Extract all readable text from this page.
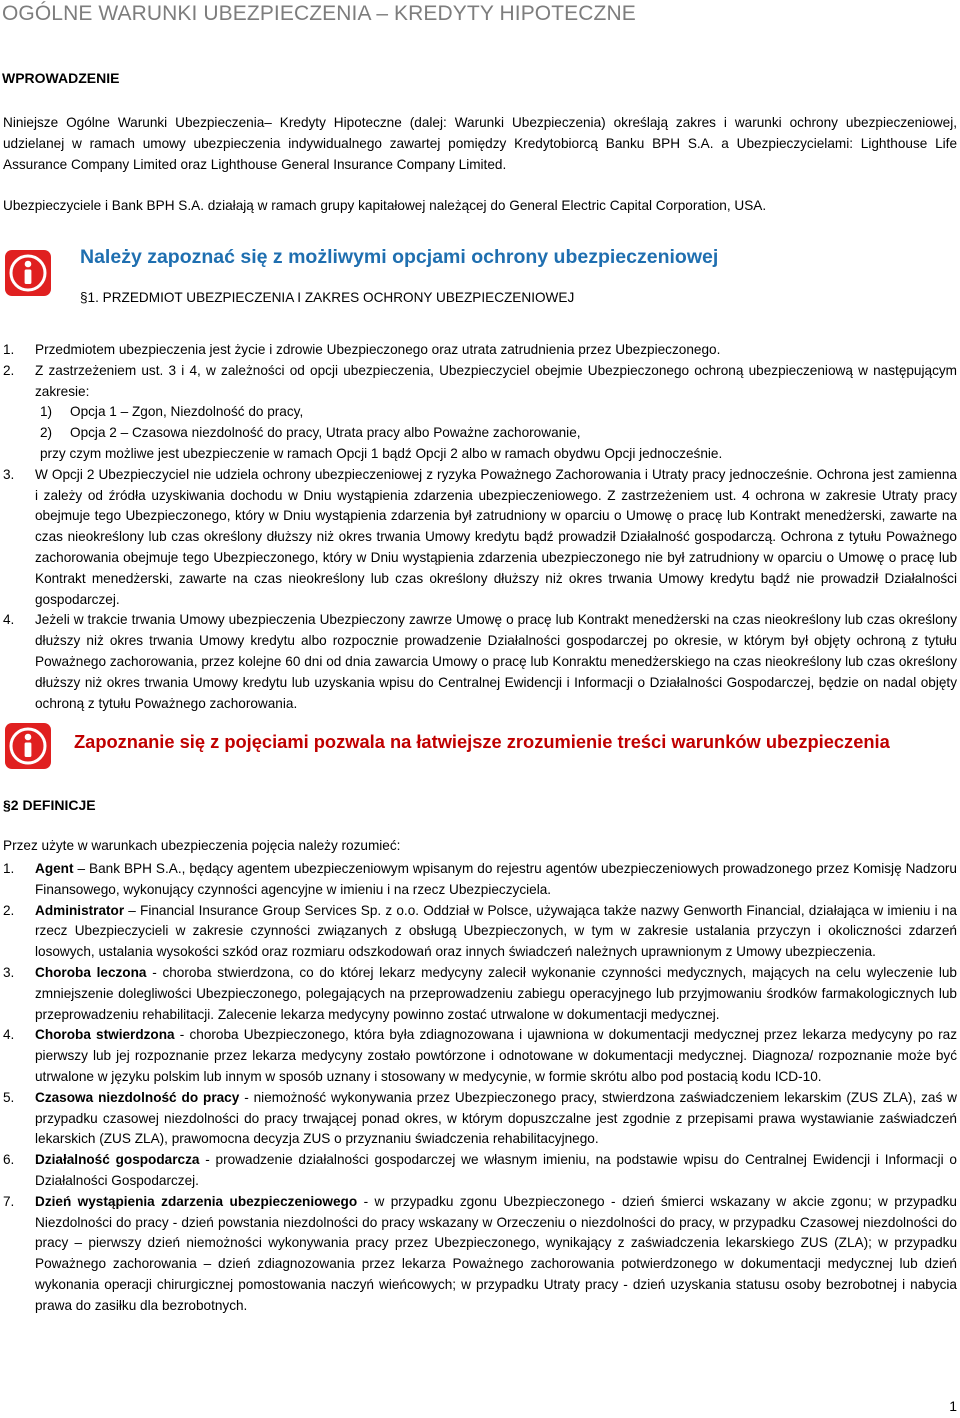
OGÓLNE WARUNKI UBEZPIECZENIA – KREDYTY HIPOTECZNE
WPROWADZENIE
Niniejsze Ogólne Warunki Ubezpieczenia– Kredyty Hipoteczne (dalej: Warunki Ubezpieczenia) określają zakres i warunki ochrony ubezpieczeniowej, udzielanej w ramach umowy ubezpieczenia indywidualnego zawartej pomiędzy Kredytobiorcą Banku BPH S.A. a Ubezpieczycielami: Lighthouse Life Assurance Company Limited oraz Lighthouse General Insurance Company Limited.
Ubezpieczyciele i Bank BPH S.A. działają w ramach grupy kapitałowej należącej do General Electric Capital Corporation, USA.
Należy zapoznać się z możliwymi opcjami ochrony ubezpieczeniowej
§1. PRZEDMIOT UBEZPIECZENIA I ZAKRES OCHRONY UBEZPIECZENIOWEJ
1. Przedmiotem ubezpieczenia jest życie i zdrowie Ubezpieczonego oraz utrata zatrudnienia przez Ubezpieczonego.
2. Z zastrzeżeniem ust. 3 i 4, w zależności od opcji ubezpieczenia, Ubezpieczyciel obejmie Ubezpieczonego ochroną ubezpieczeniową w następującym zakresie:
1) Opcja 1 – Zgon, Niezdolność do pracy,
2) Opcja 2 – Czasowa niezdolność do pracy, Utrata pracy albo Poważne zachorowanie,
przy czym możliwe jest ubezpieczenie w ramach Opcji 1 bądź Opcji 2 albo w ramach obydwu Opcji jednocześnie.
3. W Opcji 2 Ubezpieczyciel nie udziela ochrony ubezpieczeniowej z ryzyka Poważnego Zachorowania i Utraty pracy jednocześnie. Ochrona jest zamienna i zależy od źródła uzyskiwania dochodu w Dniu wystąpienia zdarzenia ubezpieczeniowego. Z zastrzeżeniem ust. 4 ochrona w zakresie Utraty pracy obejmuje tego Ubezpieczonego, który w Dniu wystąpienia zdarzenia był zatrudniony w oparciu o Umowę o pracę lub Kontrakt menedżerski, zawarte na czas nieokreślony lub czas określony dłuższy niż okres trwania Umowy kredytu bądź prowadził Działalność gospodarczą. Ochrona z tytułu Poważnego zachorowania obejmuje tego Ubezpieczonego, który w Dniu wystąpienia zdarzenia ubezpieczonego nie był zatrudniony w oparciu o Umowę o pracę lub Kontrakt menedżerski, zawarte na czas nieokreślony lub czas określony dłuższy niż okres trwania Umowy kredytu bądź nie prowadził Działalności gospodarczej.
4. Jeżeli w trakcie trwania Umowy ubezpieczenia Ubezpieczony zawrze Umowę o pracę lub Kontrakt menedżerski na czas nieokreślony lub czas określony dłuższy niż okres trwania Umowy kredytu albo rozpocznie prowadzenie Działalności gospodarczej po okresie, w którym był objęty ochroną z tytułu Poważnego zachorowania, przez kolejne 60 dni od dnia zawarcia Umowy o pracę lub Konraktu menedżerskiego na czas nieokreślony lub czas określony dłuższy niż okres trwania Umowy kredytu lub uzyskania wpisu do Centralnej Ewidencji i Informacji o Działalności Gospodarczej, będzie on nadal objęty ochroną z tytułu Poważnego zachorowania.
Zapoznanie się z pojęciami pozwala na łatwiejsze zrozumienie treści warunków ubezpieczenia
§2 DEFINICJE
Przez użyte w warunkach ubezpieczenia pojęcia należy rozumieć:
1. Agent – Bank BPH S.A., będący agentem ubezpieczeniowym wpisanym do rejestru agentów ubezpieczeniowych prowadzonego przez Komisję Nadzoru Finansowego, wykonujący czynności agencyjne w imieniu i na rzecz Ubezpieczyciela.
2. Administrator – Financial Insurance Group Services Sp. z o.o. Oddział w Polsce, używająca także nazwy Genworth Financial, działająca w imieniu i na rzecz Ubezpieczycieli w zakresie czynności związanych z obsługą Ubezpieczonych, w tym w zakresie ustalania przyczyn i okoliczności zdarzeń losowych, ustalania wysokości szkód oraz rozmiaru odszkodowań oraz innych świadczeń należnych uprawnionym z Umowy ubezpieczenia.
3. Choroba leczona - choroba stwierdzona, co do której lekarz medycyny zalecił wykonanie czynności medycznych, mających na celu wyleczenie lub zmniejszenie dolegliwości Ubezpieczonego, polegających na przeprowadzeniu zabiegu operacyjnego lub przyjmowaniu środków farmakologicznych lub przeprowadzeniu rehabilitacji. Zalecenie lekarza medycyny powinno zostać utrwalone w dokumentacji medycznej.
4. Choroba stwierdzona - choroba Ubezpieczonego, która była zdiagnozowana i ujawniona w dokumentacji medycznej przez lekarza medycyny po raz pierwszy lub jej rozpoznanie przez lekarza medycyny zostało powtórzone i odnotowane w dokumentacji medycznej. Diagnoza/ rozpoznanie może być utrwalone w języku polskim lub innym w sposób uznany i stosowany w medycynie, w formie skrótu albo pod postacią kodu ICD-10.
5. Czasowa niezdolność do pracy - niemożność wykonywania przez Ubezpieczonego pracy, stwierdzona zaświadczeniem lekarskim (ZUS ZLA), zaś w przypadku czasowej niezdolności do pracy trwającej ponad okres, w którym dopuszczalne jest zgodnie z przepisami prawa wystawianie zaświadczeń lekarskich (ZUS ZLA), prawomocna decyzja ZUS o przyznaniu świadczenia rehabilitacyjnego.
6. Działalność gospodarcza - prowadzenie działalności gospodarczej we własnym imieniu, na podstawie wpisu do Centralnej Ewidencji i Informacji o Działalności Gospodarczej.
7. Dzień wystąpienia zdarzenia ubezpieczeniowego - w przypadku zgonu Ubezpieczonego - dzień śmierci wskazany w akcie zgonu; w przypadku Niezdolności do pracy - dzień powstania niezdolności do pracy wskazany w Orzeczeniu o niezdolności do pracy, w przypadku Czasowej niezdolności do pracy – pierwszy dzień niemożności wykonywania pracy przez Ubezpieczonego, wynikający z zaświadczenia lekarskiego ZUS (ZLA); w przypadku Poważnego zachorowania – dzień zdiagnozowania przez lekarza Poważnego zachorowania potwierdzonego w dokumentacji medycznej lub dzień wykonania operacji chirurgicznej pomostowania naczyń wieńcowych; w przypadku Utraty pracy - dzień uzyskania statusu osoby bezrobotnej i nabycia prawa do zasiłku dla bezrobotnych.
1
